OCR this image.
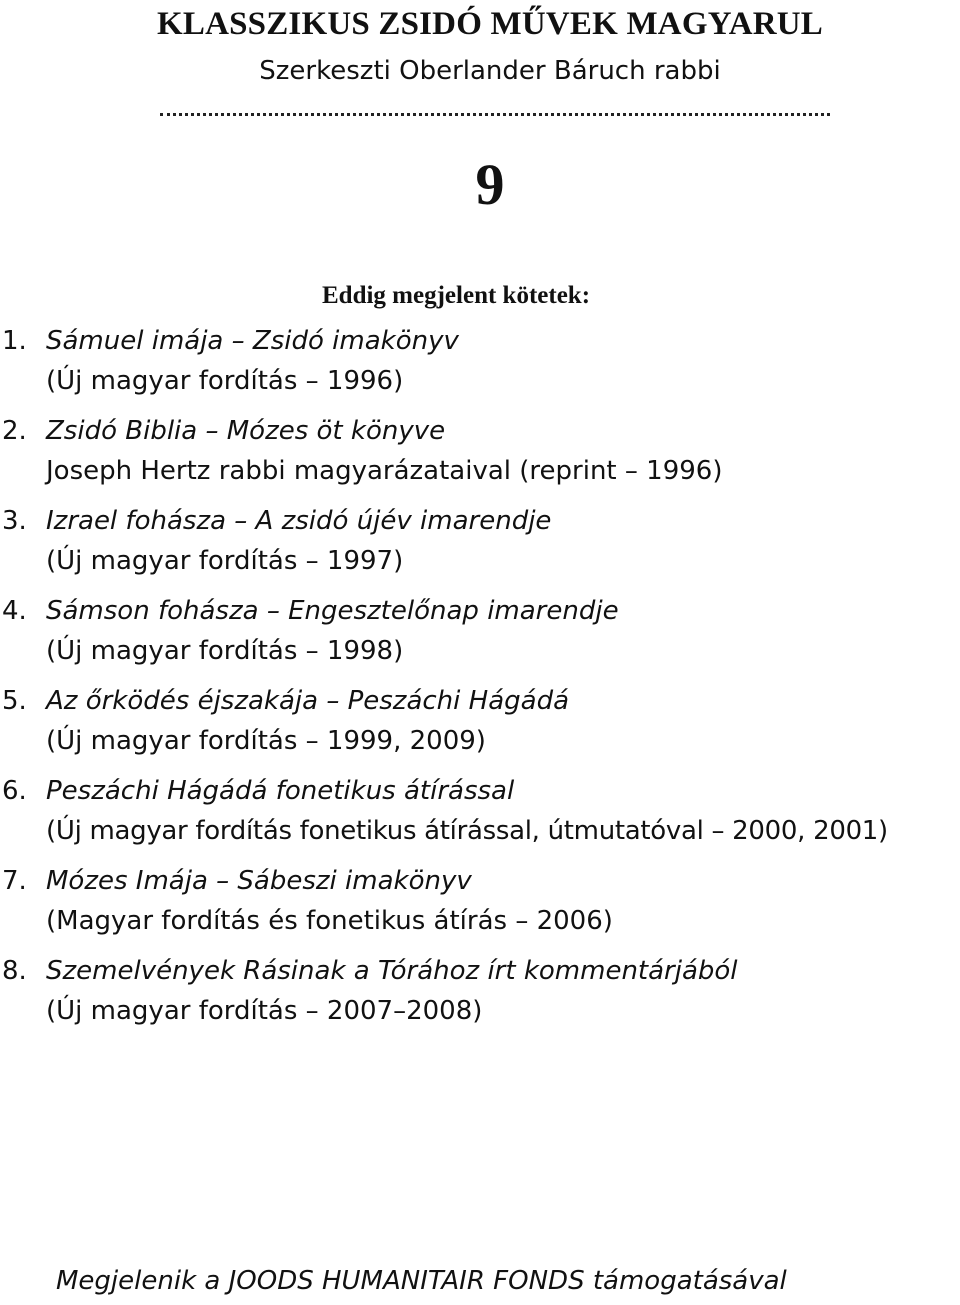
KLASSZIKUS ZSIDÓ MŰVEK MAGYARUL
Szerkeszti Oberlander Báruch rabbi
9
Eddig megjelent kötetek:
1. Sámuel imája – Zsidó imakönyv
(Új magyar fordítás – 1996)
2. Zsidó Biblia – Mózes öt könyve
Joseph Hertz rabbi magyarázataival (reprint – 1996)
3. Izrael fohásza – A zsidó újév imarendje
(Új magyar fordítás – 1997)
4. Sámson fohásza – Engesztelőnap imarendje
(Új magyar fordítás – 1998)
5. Az őrködés éjszakája – Peszáchi Hágádá
(Új magyar fordítás – 1999, 2009)
6. Peszáchi Hágádá fonetikus átírással
(Új magyar fordítás fonetikus átírással, útmutatóval – 2000, 2001)
7. Mózes Imája – Sábeszi imakönyv
(Magyar fordítás és fonetikus átírás – 2006)
8. Szemelvények Rásinak a Tórához írt kommentárjából
(Új magyar fordítás – 2007–2008)
Megjelenik a JOODS HUMANITAIR FONDS támogatásával
